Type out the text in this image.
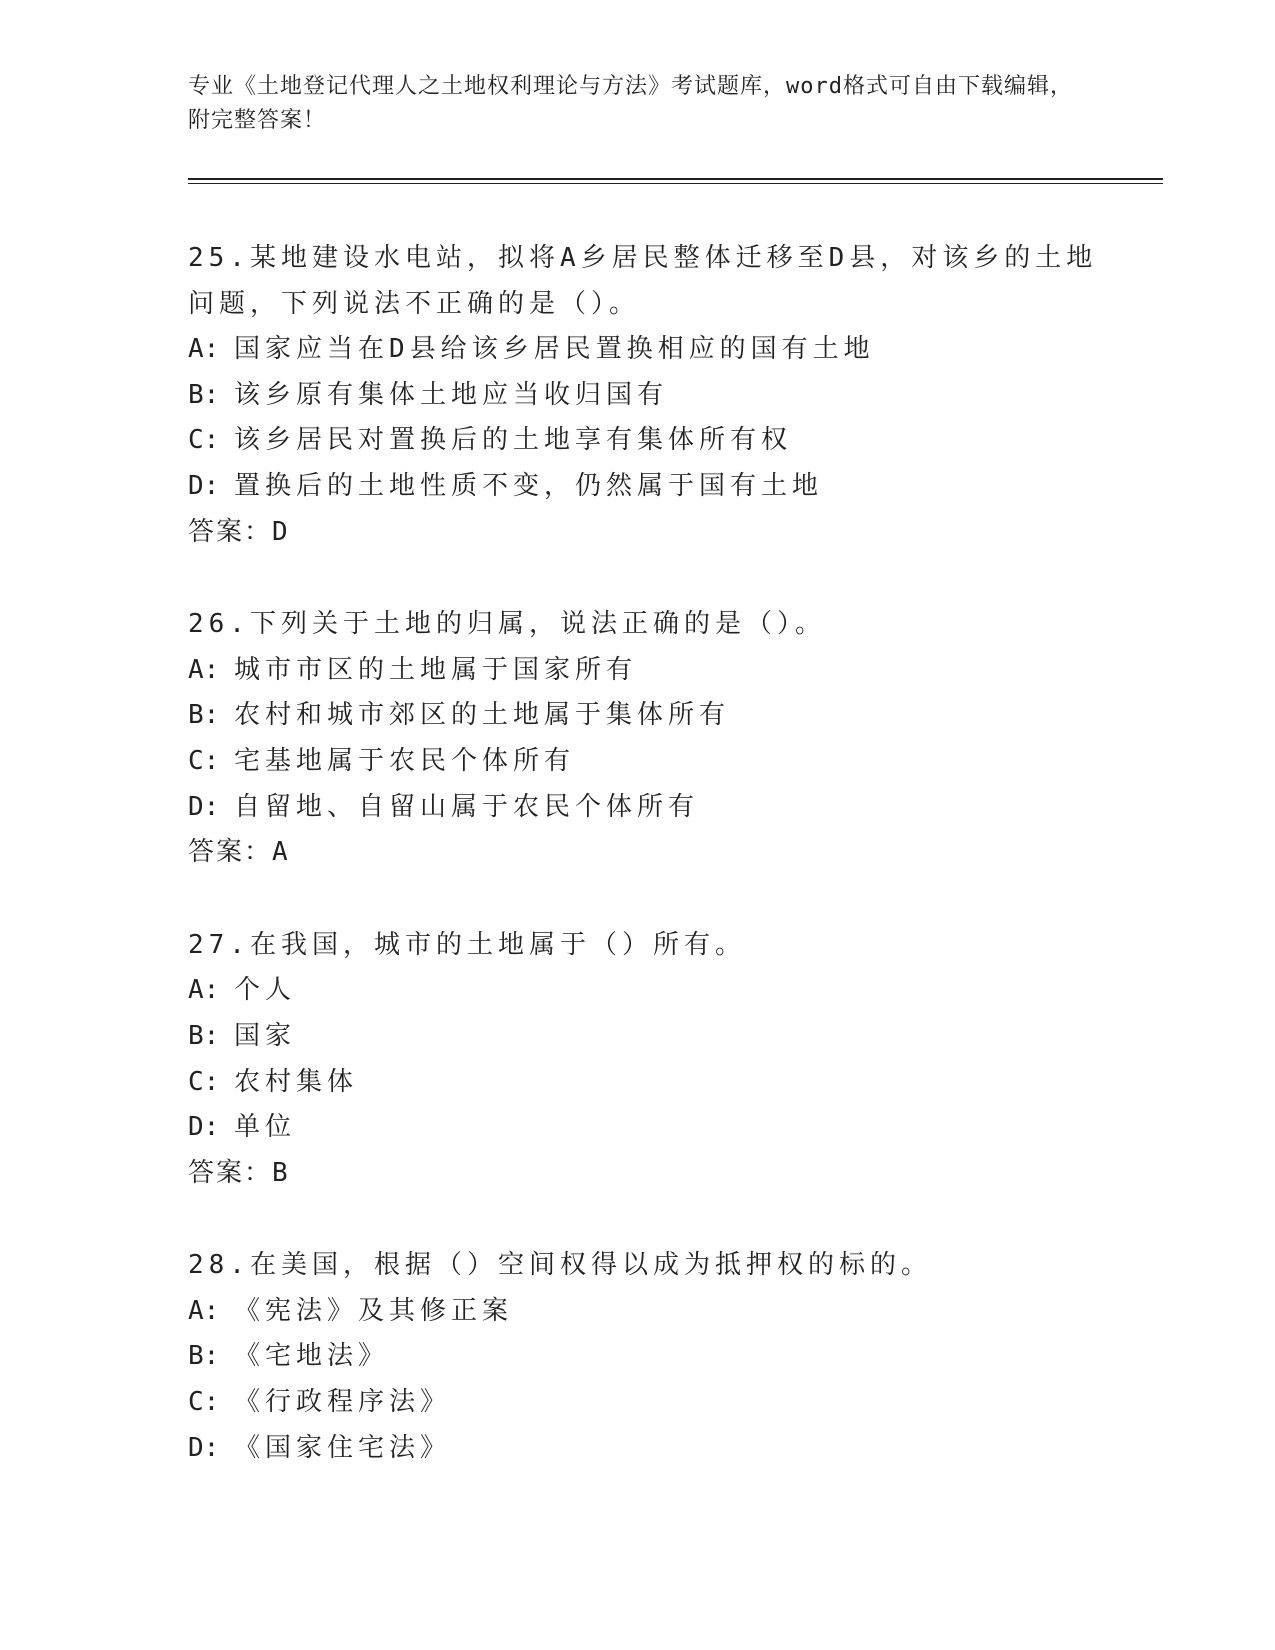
专业《土地登记代理人之土地权利理论与方法》考试题库，word格式可自由下载编辑，附完整答案！
25.某地建设水电站，拟将A乡居民整体迁移至D县，对该乡的土地问题，下列说法不正确的是（）。
A: 国家应当在D县给该乡居民置换相应的国有土地
B: 该乡原有集体土地应当收归国有
C: 该乡居民对置换后的土地享有集体所有权
D: 置换后的土地性质不变，仍然属于国有土地
答案：D
26.下列关于土地的归属，说法正确的是（）。
A: 城市市区的土地属于国家所有
B: 农村和城市郊区的土地属于集体所有
C: 宅基地属于农民个体所有
D: 自留地、自留山属于农民个体所有
答案：A
27.在我国，城市的土地属于（）所有。
A: 个人
B: 国家
C: 农村集体
D: 单位
答案：B
28.在美国，根据（）空间权得以成为抵押权的标的。
A: 《宪法》及其修正案
B: 《宅地法》
C: 《行政程序法》
D: 《国家住宅法》
